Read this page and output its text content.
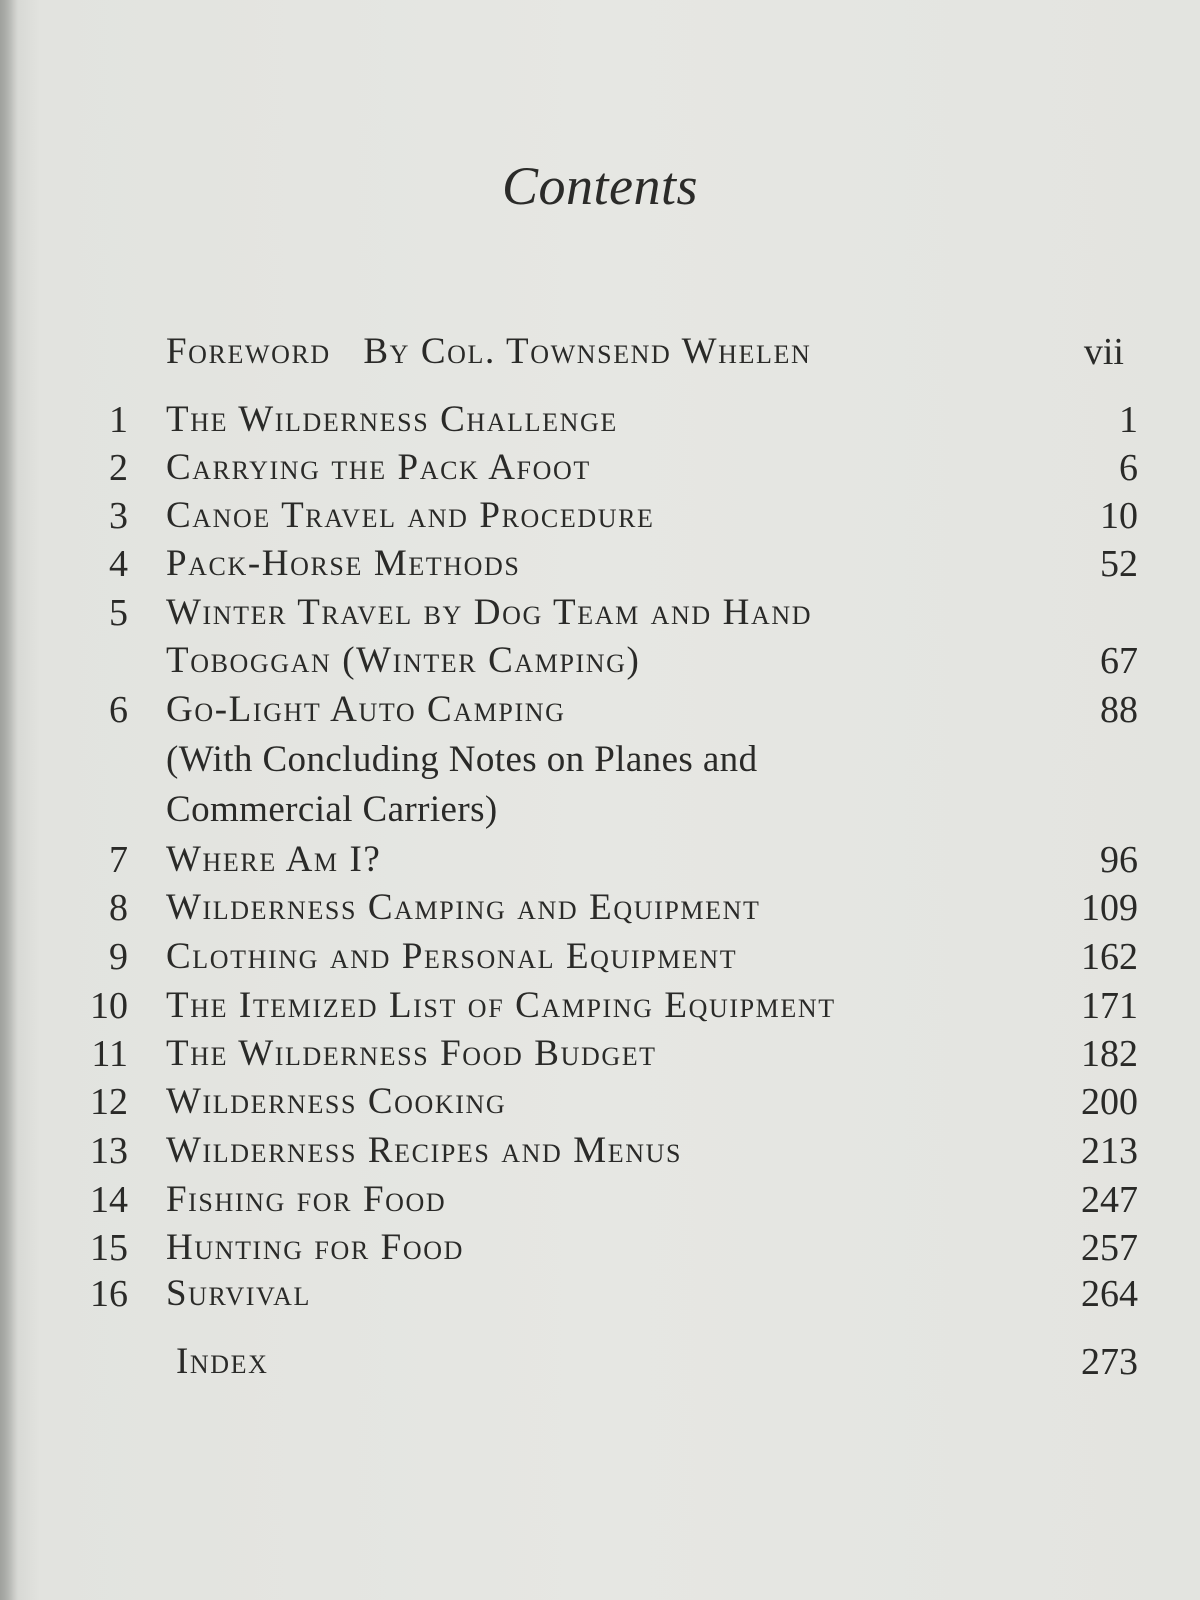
Contents
Foreword   By Col. Townsend Whelen	vii
1 The Wilderness Challenge	1
2 Carrying the Pack Afoot	6
3 Canoe Travel and Procedure	10
4 Pack-Horse Methods	52
5 Winter Travel by Dog Team and Hand
Toboggan (Winter Camping)	67
6 Go-Light Auto Camping	88
(With Concluding Notes on Planes and
Commercial Carriers)
7 Where Am I?	96
8 Wilderness Camping and Equipment	109
9 Clothing and Personal Equipment	162
10 The Itemized List of Camping Equipment	171
11 The Wilderness Food Budget	182
12 Wilderness Cooking	200
13 Wilderness Recipes and Menus	213
14 Fishing for Food	247
15 Hunting for Food	257
16 Survival	264
Index	273
